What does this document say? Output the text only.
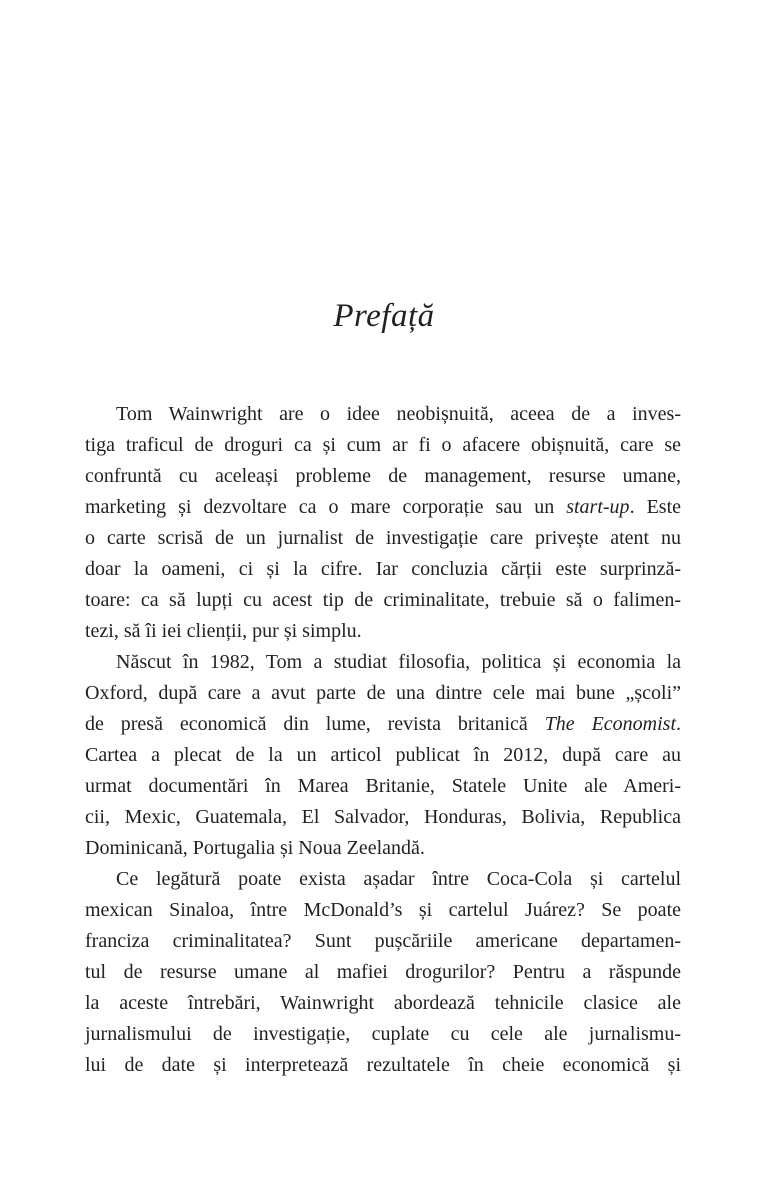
Prefață
Tom Wainwright are o idee neobișnuită, aceea de a inves-
tiga traficul de droguri ca și cum ar fi o afacere obișnuită, care se
confruntă cu aceleași probleme de management, resurse umane,
marketing și dezvoltare ca o mare corporație sau un start-up. Este
o carte scrisă de un jurnalist de investigație care privește atent nu
doar la oameni, ci și la cifre. Iar concluzia cărții este surprinză-
toare: ca să lupți cu acest tip de criminalitate, trebuie să o falimen-
tezi, să îi iei clienții, pur și simplu.
Născut în 1982, Tom a studiat filosofia, politica și economia la
Oxford, după care a avut parte de una dintre cele mai bune „școli”
de presă economică din lume, revista britanică The Economist.
Cartea a plecat de la un articol publicat în 2012, după care au
urmat documentări în Marea Britanie, Statele Unite ale Ameri-
cii, Mexic, Guatemala, El Salvador, Honduras, Bolivia, Republica
Dominicană, Portugalia și Noua Zeelandă.
Ce legătură poate exista așadar între Coca-Cola și cartelul
mexican Sinaloa, între McDonald’s și cartelul Juárez? Se poate
franciza criminalitatea? Sunt pușcăriile americane departamen-
tul de resurse umane al mafiei drogurilor? Pentru a răspunde
la aceste întrebări, Wainwright abordează tehnicile clasice ale
jurnalismului de investigație, cuplate cu cele ale jurnalismu-
lui de date și interpretează rezultatele în cheie economică și
